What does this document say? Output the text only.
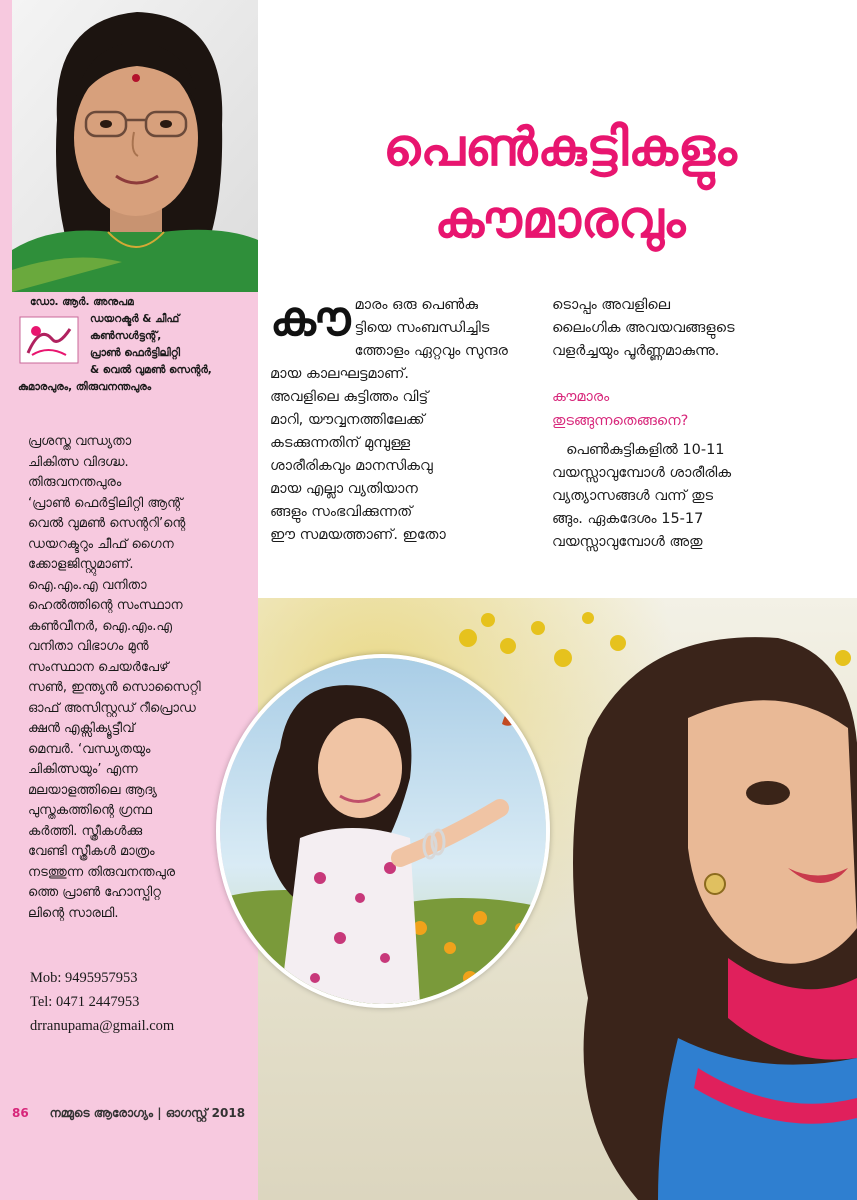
ഡോ. ആർ. അനുപമ
ഡയറക്ടർ & ചീഫ്
കൺസൾട്ടന്റ്,
പ്രാൺ ഫെർട്ടിലിറ്റി
& വെൽ വുമൺ സെന്റർ,
കുമാരപുരം, തിരുവനന്തപുരം
പ്രശസ്ത വന്ധ്യതാ
ചികിത്സ വിദഗ്ദ്ധ.
തിരുവനന്തപുരം
‘പ്രാൺ ഫെർട്ടിലിറ്റി ആന്റ്
വെൽ വുമൺ സെന്ററി’ന്റെ
ഡയറക്ടറും ചീഫ് ഗൈന
ക്കോളജിസ്റ്റുമാണ്.
ഐ.എം.എ വനിതാ
ഹെൽത്തിന്റെ സംസ്ഥാന
കൺവീനർ, ഐ.എം.എ
വനിതാ വിഭാഗം മുൻ
സംസ്ഥാന ചെയർപേഴ്
സൺ, ഇന്ത്യൻ സൊസൈറ്റി
ഓഫ് അസിസ്റ്റഡ് റീപ്രൊഡ
ക്ഷൻ എക്സിക്യൂട്ടീവ്
മെമ്പർ. ‘വന്ധ്യതയും
ചികിത്സയും’ എന്ന
മലയാളത്തിലെ ആദ്യ
പുസ്തകത്തിന്റെ ഗ്രന്ഥ
കർത്തി. സ്ത്രീകൾക്കു
വേണ്ടി സ്ത്രീകൾ മാത്രം
നടത്തുന്ന തിരുവനന്തപുര
ത്തെ പ്രാൺ ഹോസ്പിറ്റ
ലിന്റെ സാരഥി.
Mob: 9495957953
Tel: 0471 2447953
drranupama@gmail.com
86 നമ്മുടെ ആരോഗ്യം | ഓഗസ്റ്റ് 2018
പെൺകുട്ടികളും
കൗമാരവും
കൗ മാരം ഒരു പെൺകു
ട്ടിയെ സംബന്ധിച്ചിട
ത്തോളം ഏറ്റവും സുന്ദര
മായ കാലഘട്ടമാണ്.
അവളിലെ കുട്ടിത്തം വിട്ട്
മാറി, യൗവ്വനത്തിലേക്ക്
കടക്കുന്നതിന് മുമ്പുള്ള
ശാരീരികവും മാനസികവു
മായ എല്ലാ വ്യതിയാന
ങ്ങളും സംഭവിക്കുന്നത്
ഈ സമയത്താണ്. ഇതോ

ടൊപ്പം അവളിലെ
ലൈംഗിക അവയവങ്ങളുടെ
വളർച്ചയും പൂർണ്ണമാകുന്നു.

കൗമാരം
തുടങ്ങുന്നതെങ്ങനെ?

പെൺകുട്ടികളിൽ 10-11
വയസ്സാവുമ്പോൾ ശാരീരിക
വ്യത്യാസങ്ങൾ വന്ന് തുട
ങ്ങും. ഏകദേശം 15-17
വയസ്സാവുമ്പോൾ അതു
